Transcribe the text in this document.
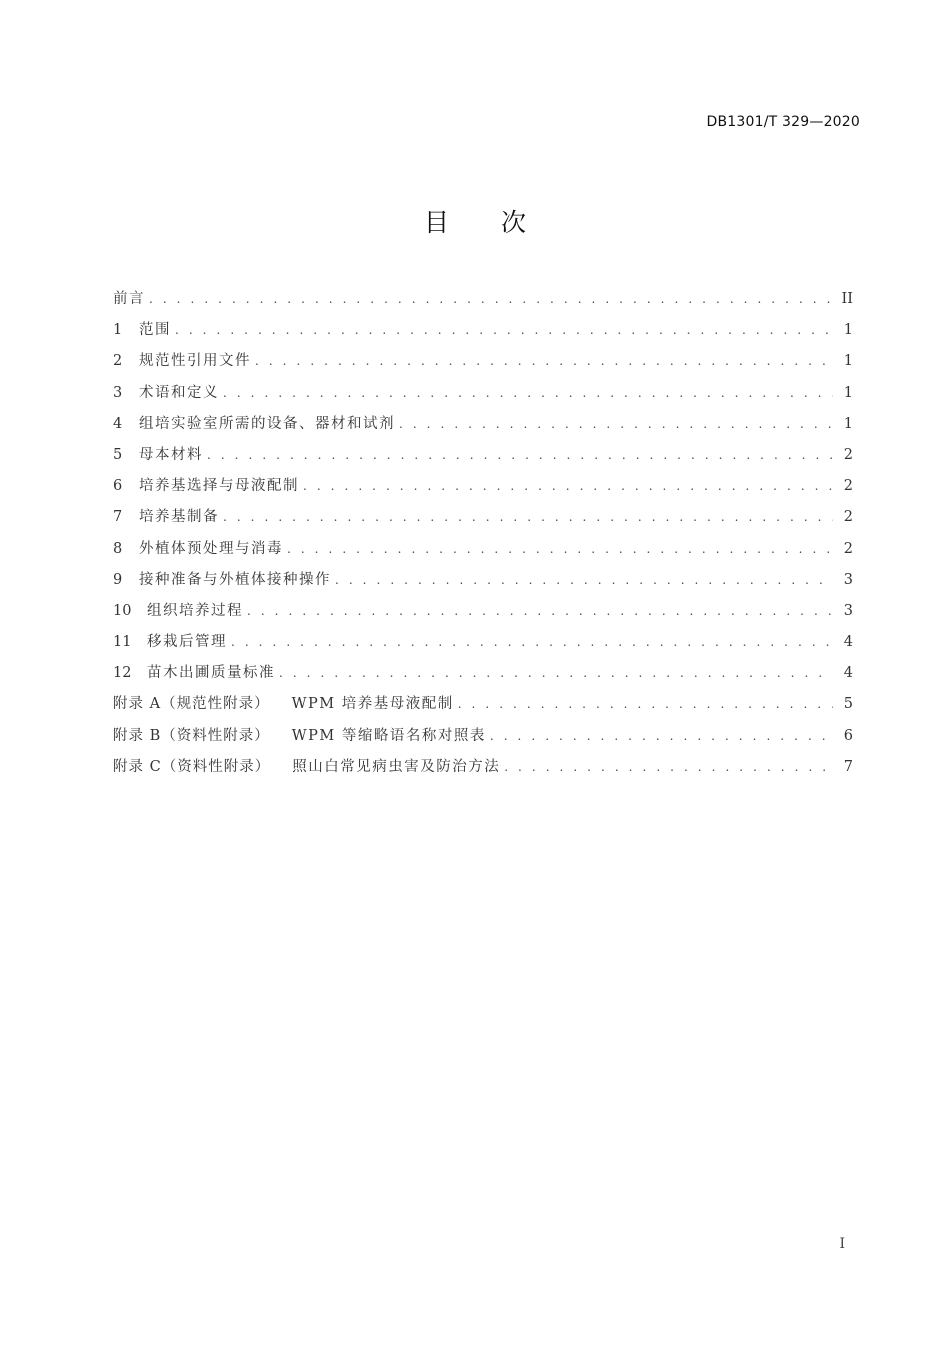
DB1301/T 329—2020
目 次
前言 . . .	II
1	范围 . . .	1
2	规范性引用文件 . . .	1
3	术语和定义 . . .	1
4	组培实验室所需的设备、器材和试剂 . . .	1
5	母本材料 . . .	2
6	培养基选择与母液配制 . . .	2
7	培养基制备 . . .	2
8	外植体预处理与消毒 . . .	2
9	接种准备与外植体接种操作 . . .	3
10	组织培养过程 . . .	3
11	移栽后管理 . . .	4
12	苗木出圃质量标准 . . .	4
附录 A（规范性附录） WPM 培养基母液配制 . . .	5
附录 B（资料性附录） WPM 等缩略语名称对照表 . . .	6
附录 C（资料性附录） 照山白常见病虫害及防治方法 . . .	7
I
